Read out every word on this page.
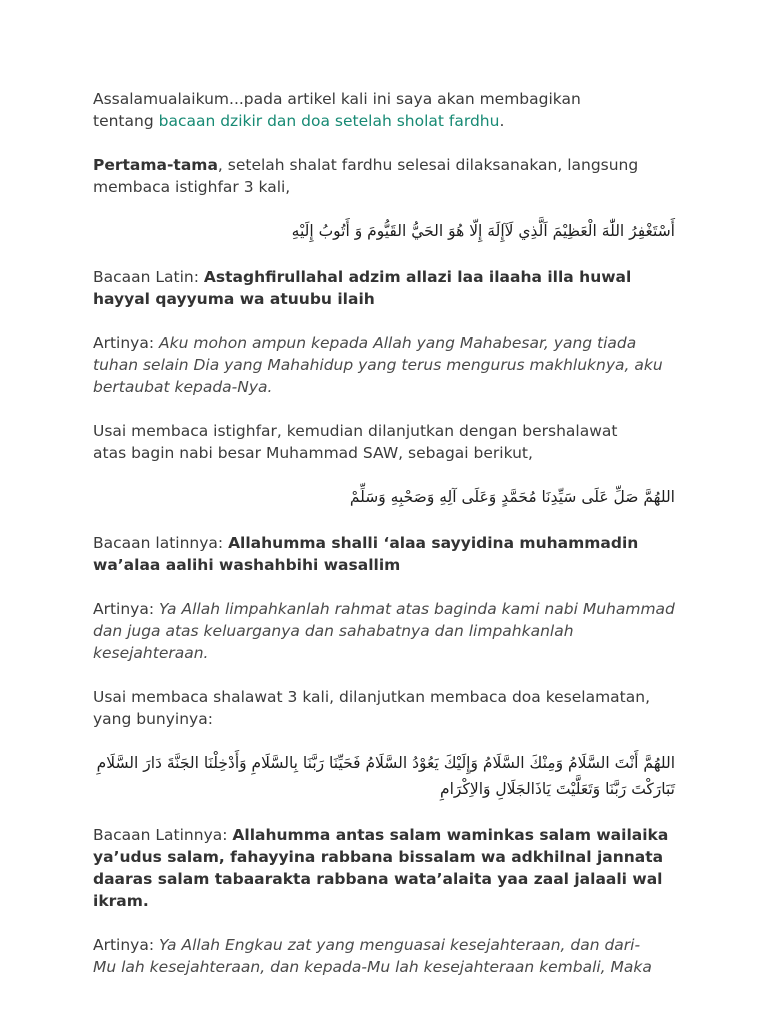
Assalamualaikum...pada artikel kali ini saya akan membagikan
tentang bacaan dzikir dan doa setelah sholat fardhu.

Pertama-tama, setelah shalat fardhu selesai dilaksanakan, langsung membaca istighfar 3 kali,

أَسْتَغْفِرُ اللّٰهَ الْعَظِيْمَ اَلَّذِي لَآإِلَهَ إِلّا هُوَ الحَيُّ القَيُّومَ وَ أَتُوبُ إِلَيْهِ

Bacaan Latin: Astaghfirullahal adzim allazi laa ilaaha illa huwal hayyal qayyuma wa atuubu ilaih

Artinya: Aku mohon ampun kepada Allah yang Mahabesar, yang tiada tuhan selain Dia yang Mahahidup yang terus mengurus makhluknya, aku bertaubat kepada-Nya.

Usai membaca istighfar, kemudian dilanjutkan dengan bershalawat atas bagin nabi besar Muhammad SAW, sebagai berikut,

اللهُمَّ صَلِّ عَلَى سَيِّدِنَا مُحَمَّدٍ وَعَلَى آلِهِ وَصَحْبِهِ وَسَلِّمْ

Bacaan latinnya: Allahumma shalli ‘alaa sayyidina muhammadin wa’alaa aalihi washahbihi wasallim

Artinya: Ya Allah limpahkanlah rahmat atas baginda kami nabi Muhammad dan juga atas keluarganya dan sahabatnya dan limpahkanlah kesejahteraan.

Usai membaca shalawat 3 kali, dilanjutkan membaca doa keselamatan, yang bunyinya:

اللهُمَّ أَنْتَ السَّلَامُ وَمِنْكَ السَّلَامُ وَإِلَيْكَ يَعُوْدُ السَّلَامُ فَحَيِّنَا رَبَّنَا بِالسَّلَامِ وَأَدْخِلْنَا الجَنَّةَ دَارَ السَّلَامِ تَبَارَكْتَ رَبَّنَا وَتَعَلَّيْتَ يَاذَالجَلَالِ وَالاِكْرَامِ

Bacaan Latinnya: Allahumma antas salam waminkas salam wailaika ya’udus salam, fahayyina rabbana bissalam wa adkhilnal jannata daaras salam tabaarakta rabbana wata’alaita yaa zaal jalaali wal ikram.

Artinya: Ya Allah Engkau zat yang menguasai kesejahteraan, dan dari-Mu lah kesejahteraan, dan kepada-Mu lah kesejahteraan kembali, Maka
